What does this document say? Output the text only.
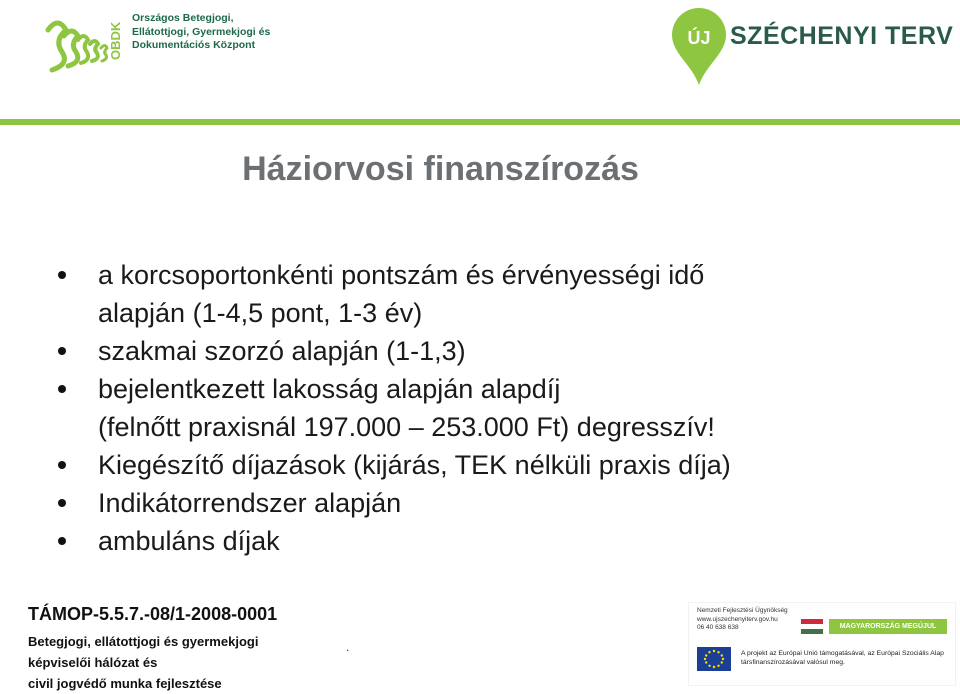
OBDK
Országos Betegjogi,
Ellátottjogi, Gyermekjogi és
Dokumentációs Központ	ÚJ SZÉCHENYI TERV
Háziorvosi finanszírozás
a korcsoportonkénti pontszám és érvényességi idő
alapján (1-4,5 pont, 1-3 év)
szakmai szorzó alapján (1-1,3)
bejelentkezett lakosság alapján alapdíj
(felnőtt praxisnál 197.000 – 253.000 Ft) degresszív!
Kiegészítő díjazások (kijárás, TEK nélküli praxis díja)
Indikátorrendszer alapján
ambuláns díjak

TÁMOP-5.5.7.-08/1-2008-0001

Betegjogi, ellátottjogi és gyermekjogi

képviselői hálózat és

civil jogvédő munka fejlesztése

.
Nemzeti Fejlesztési Ügynökség
www.ujszechenyiterv.gov.hu
06 40 638 638	MAGYARORSZÁG MEGÚJUL
A projekt az Európai Unió támogatásával, az Európai Szociális Alap társfinanszírozásával valósul meg.
